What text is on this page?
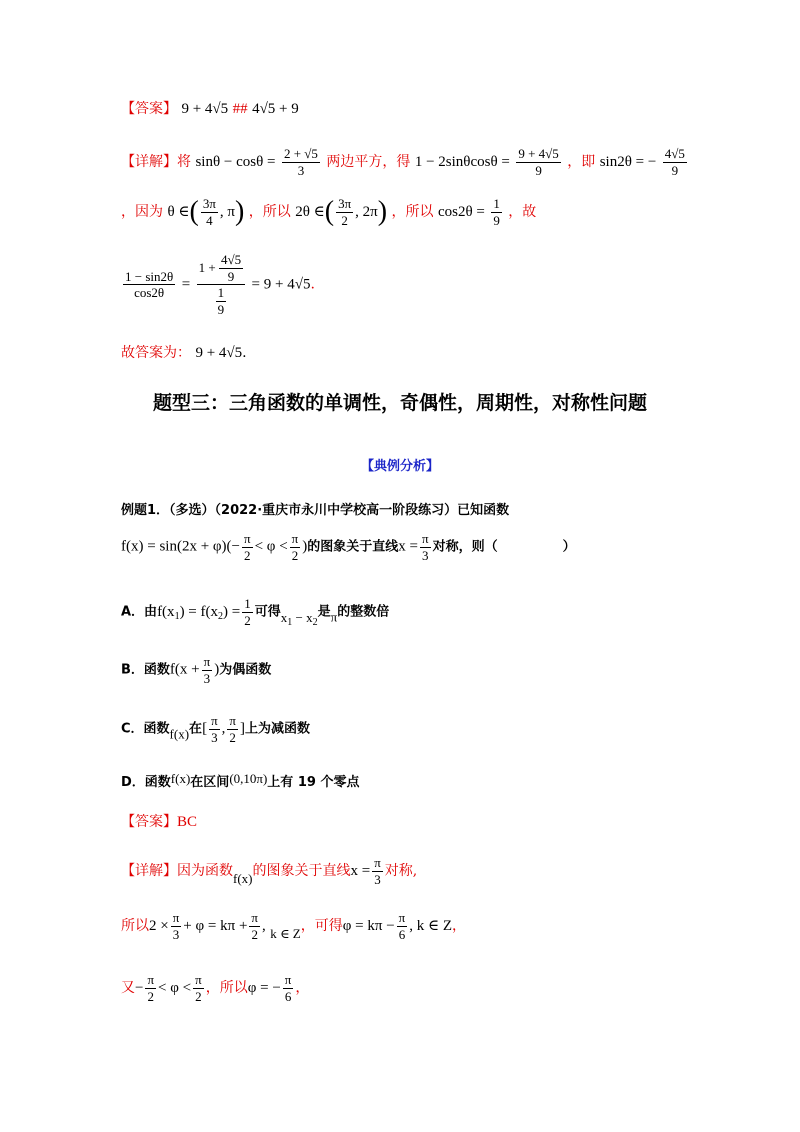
【答案】 9 + 4√5 ## 4√5 + 9
【详解】将 $\sin\theta - \cos\theta = \frac{2 + √5}{3}$ 两边平方，得 $1 - 2\sin\theta\cos\theta = \frac{9 + 4√5}{9}$ ，即 sin2θ = − $\frac{4√5}{9}$
，因为 θ ∈( $\frac{3\pi}{4}$ , π) ，所以 2θ ∈( $\frac{3\pi}{2}$ , 2π) ，所以 $\cos 2\theta = \frac{1}{9}$ ，故
$\frac{1 - \sin 2\theta}{\cos 2\theta} = \frac{1 + \frac{4√5}{9}}{\frac{1}{9}} = 9 + 4√5$.
故答案为： 9 + 4√5.
题型三：三角函数的单调性，奇偶性，周期性，对称性问题
【典例分析】
例题1．（多选）（2022·重庆市永川中学校高一阶段练习）已知函数
$f(x) = \sin(2x + \varphi)(- \frac{\pi}{2} < \varphi < \frac{\pi}{2}$ )的图象关于直线$x = \frac{\pi}{3}$ 对称，则（　　　　　）
A．由$f(x_1) = f(x_2) = \frac{1}{2}$ 可得$x_1 - x_2$是π的整数倍
B．函数$f(x + \frac{\pi}{3}$ )为偶函数
C．函数f(x)在[ $\frac{\pi}{3}$ , $\frac{\pi}{2}$ ]上为减函数
D．函数f(x)在区间(0,10π)上有 19 个零点
【答案】BC
【详解】因为函数f(x)的图象关于直线$x = \frac{\pi}{3}$ 对称,
所以$2 \times \frac{\pi}{3} + \varphi = k\pi + \frac{\pi}{2}$ , k ∈ Z，可得$\varphi = k\pi - \frac{\pi}{6}$ , k ∈ Z，
又− $\frac{\pi}{2} < \varphi < \frac{\pi}{2}$ ，所以φ = − $\frac{\pi}{6}$ ，
